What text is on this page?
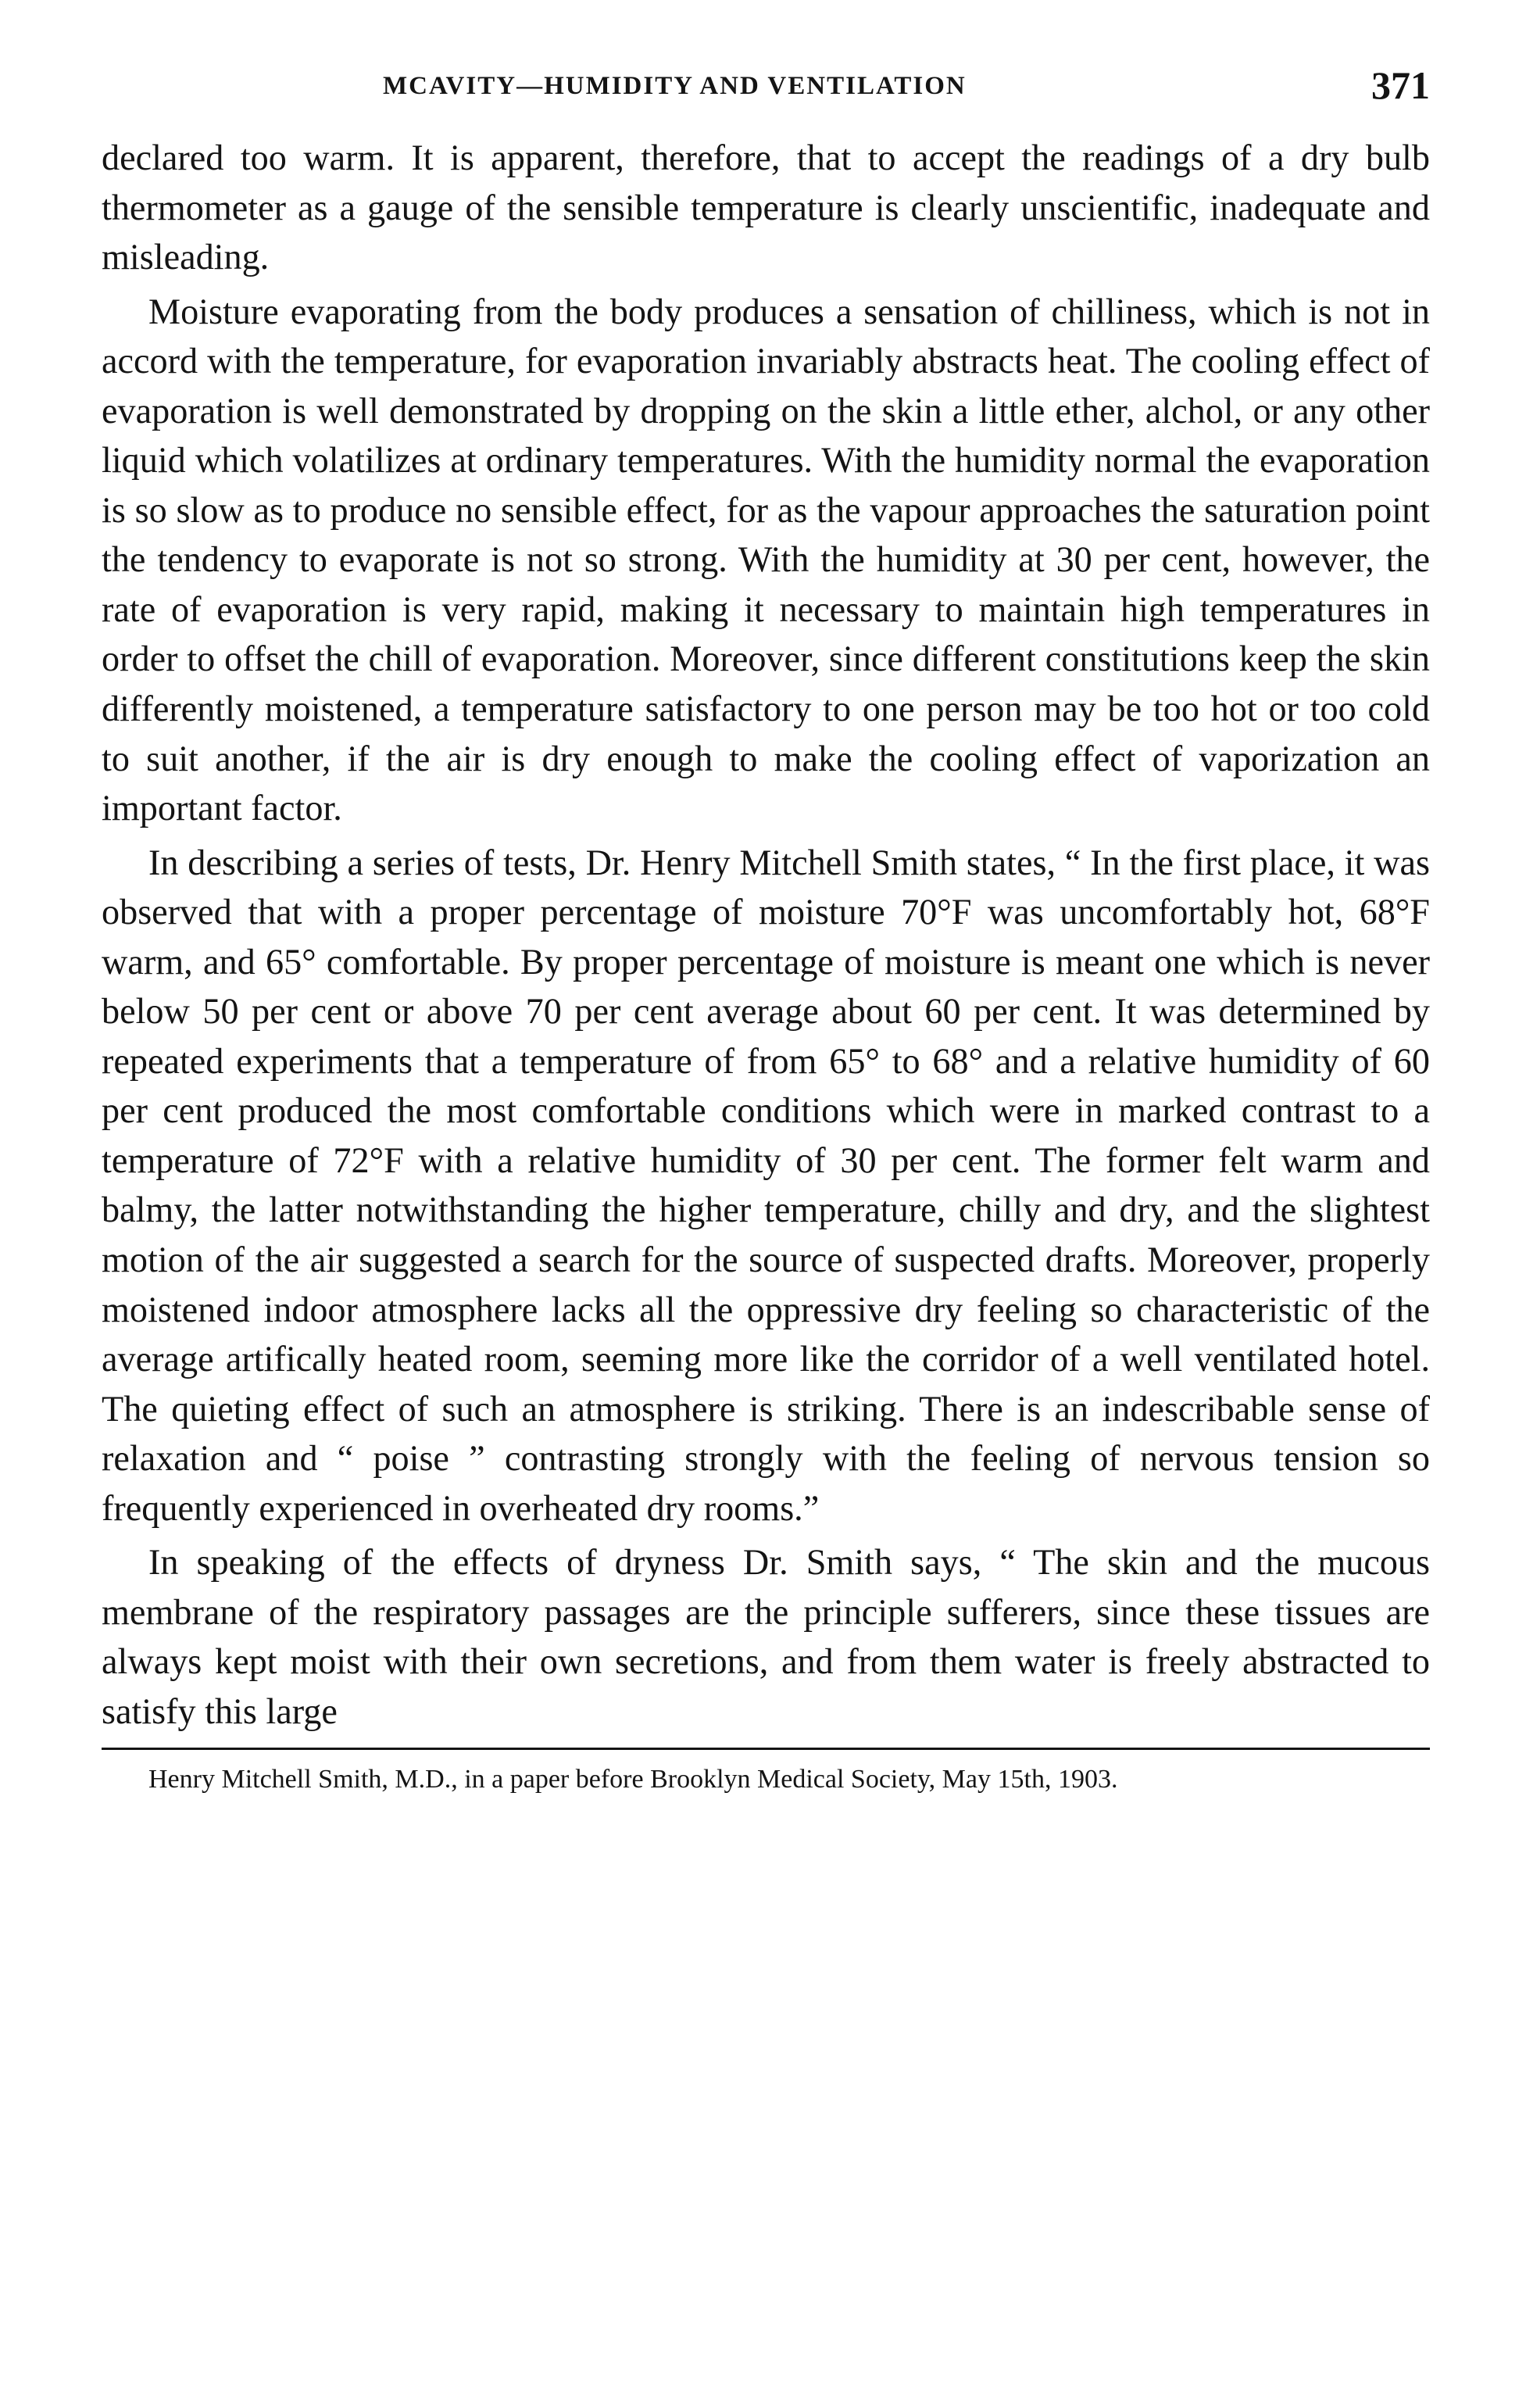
MCAVITY—HUMIDITY AND VENTILATION	371

declared too warm. It is apparent, therefore, that to accept the readings of a dry bulb thermometer as a gauge of the sensible temperature is clearly unscientific, inadequate and misleading.

Moisture evaporating from the body produces a sensation of chilliness, which is not in accord with the temperature, for evaporation invariably abstracts heat. The cooling effect of evaporation is well demonstrated by dropping on the skin a little ether, alchol, or any other liquid which volatilizes at ordinary temperatures. With the humidity normal the evaporation is so slow as to produce no sensible effect, for as the vapour approaches the saturation point the tendency to evaporate is not so strong. With the humidity at 30 per cent, however, the rate of evaporation is very rapid, making it necessary to maintain high temperatures in order to offset the chill of evaporation. Moreover, since different constitutions keep the skin differently moistened, a temperature satisfactory to one person may be too hot or too cold to suit another, if the air is dry enough to make the cooling effect of vaporization an important factor.

In describing a series of tests, Dr. Henry Mitchell Smith states, “ In the first place, it was observed that with a proper percentage of moisture 70°F was uncomfortably hot, 68°F warm, and 65° comfortable. By proper percentage of moisture is meant one which is never below 50 per cent or above 70 per cent average about 60 per cent. It was determined by repeated experiments that a temperature of from 65° to 68° and a relative humidity of 60 per cent produced the most comfortable conditions which were in marked contrast to a temperature of 72°F with a relative humidity of 30 per cent. The former felt warm and balmy, the latter notwithstanding the higher temperature, chilly and dry, and the slightest motion of the air suggested a search for the source of suspected drafts. Moreover, properly moistened indoor atmosphere lacks all the oppressive dry feeling so characteristic of the average artifically heated room, seeming more like the corridor of a well ventilated hotel. The quieting effect of such an atmosphere is striking. There is an indescribable sense of relaxation and “ poise ” contrasting strongly with the feeling of nervous tension so frequently experienced in overheated dry rooms.”

In speaking of the effects of dryness Dr. Smith says, “ The skin and the mucous membrane of the respiratory passages are the principle sufferers, since these tissues are always kept moist with their own secretions, and from them water is freely abstracted to satisfy this large

Henry Mitchell Smith, M.D., in a paper before Brooklyn Medical Society, May 15th, 1903.
